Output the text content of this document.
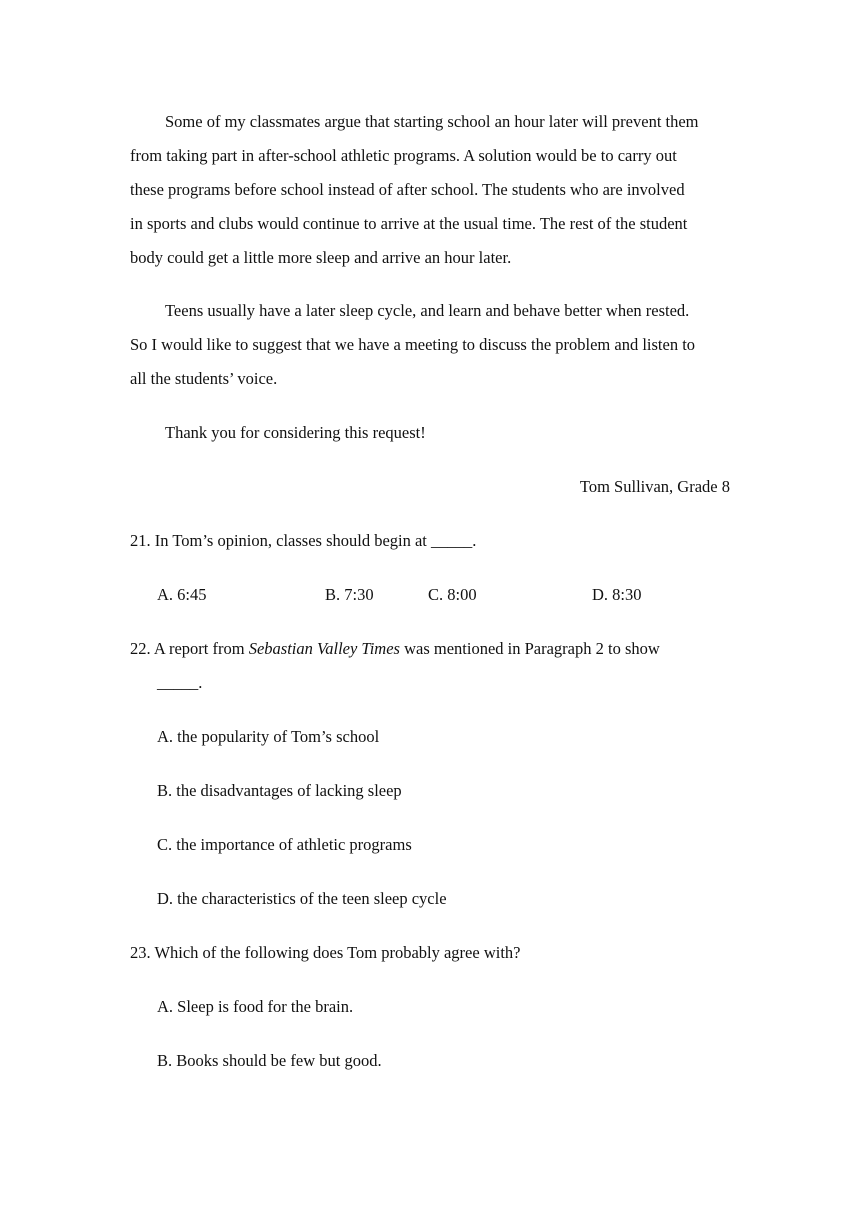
Some of my classmates argue that starting school an hour later will prevent them
from taking part in after-school athletic programs. A solution would be to carry out
these programs before school instead of after school. The students who are involved
in sports and clubs would continue to arrive at the usual time. The rest of the student
body could get a little more sleep and arrive an hour later.
Teens usually have a later sleep cycle, and learn and behave better when rested.
So I would like to suggest that we have a meeting to discuss the problem and listen to
all the students’ voice.
Thank you for considering this request!
Tom Sullivan, Grade 8
21. In Tom’s opinion, classes should begin at _____.
A. 6:45	B. 7:30	C. 8:00	D. 8:30
22. A report from Sebastian Valley Times was mentioned in Paragraph 2 to show
_____.
A. the popularity of Tom’s school
B. the disadvantages of lacking sleep
C. the importance of athletic programs
D. the characteristics of the teen sleep cycle
23. Which of the following does Tom probably agree with?
A. Sleep is food for the brain.
B. Books should be few but good.
